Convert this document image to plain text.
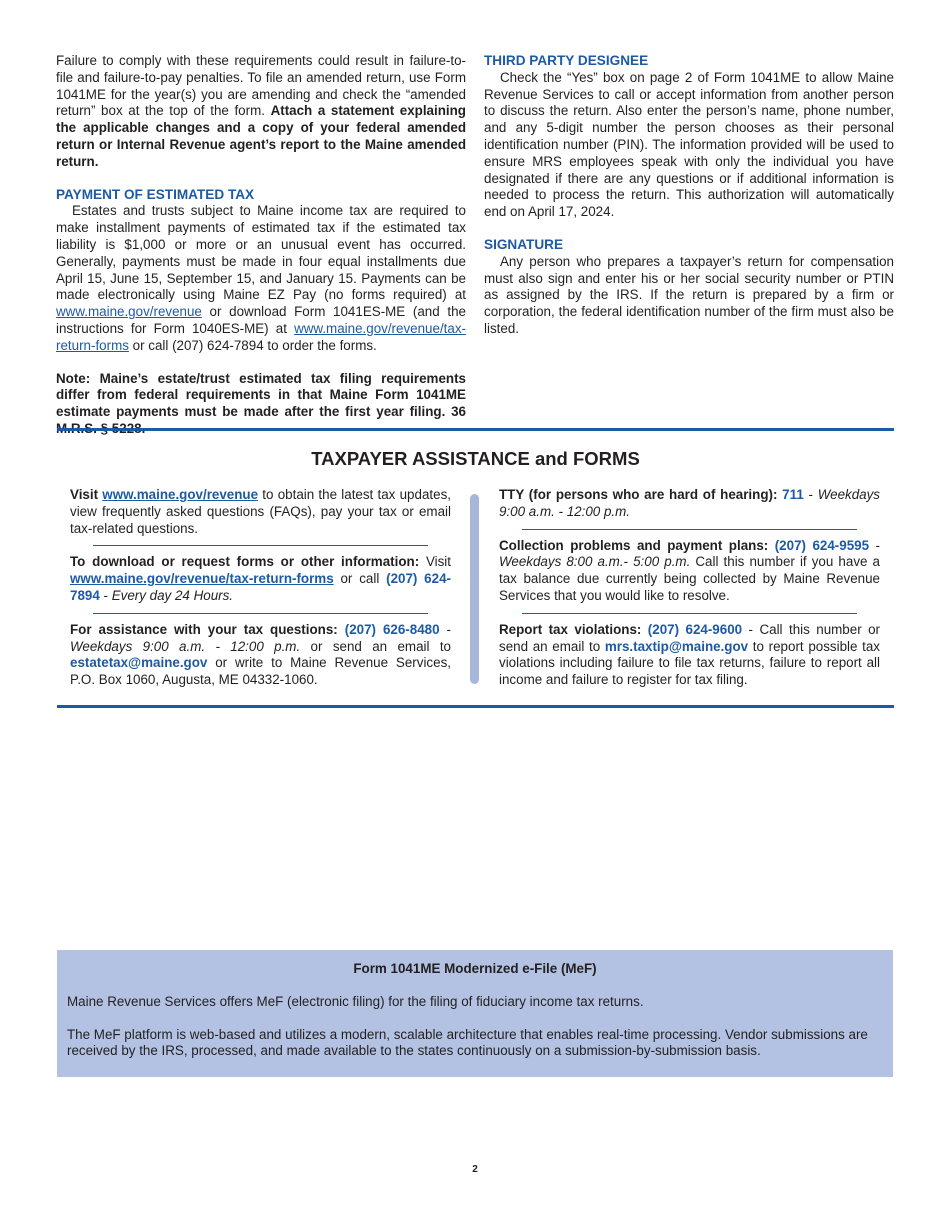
Failure to comply with these requirements could result in failure-to-file and failure-to-pay penalties. To file an amended return, use Form 1041ME for the year(s) you are amending and check the “amended return” box at the top of the form. Attach a statement explaining the applicable changes and a copy of your federal amended return or Internal Revenue agent’s report to the Maine amended return.

PAYMENT OF ESTIMATED TAX

Estates and trusts subject to Maine income tax are required to make installment payments of estimated tax if the estimated tax liability is $1,000 or more or an unusual event has occurred. Generally, payments must be made in four equal installments due April 15, June 15, September 15, and January 15. Payments can be made electronically using Maine EZ Pay (no forms required) at www.maine.gov/revenue or download Form 1041ES-ME (and the instructions for Form 1040ES-ME) at www.maine.gov/revenue/tax-return-forms or call (207) 624-7894 to order the forms.

Note: Maine’s estate/trust estimated tax filing requirements differ from federal requirements in that Maine Form 1041ME estimate payments must be made after the first year filing. 36

THIRD PARTY DESIGNEE

Check the “Yes” box on page 2 of Form 1041ME to allow Maine Revenue Services to call or accept information from another person to discuss the return. Also enter the person’s name, phone number, and any 5-digit number the person chooses as their personal identification number (PIN). The information provided will be used to ensure MRS employees speak with only the individual you have designated if there are any questions or if additional information is needed to process the return. This authorization will automatically end on April 17, 2024.

SIGNATURE

Any person who prepares a taxpayer’s return for compensation must also sign and enter his or her social security number or PTIN as assigned by the IRS. If the return is prepared by a firm or corporation, the federal identification number of the firm must also be listed.

TAXPAYER ASSISTANCE and FORMS

Visit www.maine.gov/revenue to obtain the latest tax updates, view frequently asked questions (FAQs), pay your tax or email tax-related questions.

To download or request forms or other information: Visit www.maine.gov/revenue/tax-return-forms or call (207) 624-7894 - Every day 24 Hours.

For assistance with your tax questions: (207) 626-8480 - Weekdays 9:00 a.m. - 12:00 p.m. or send an email to estatetax@maine.gov or write to Maine Revenue Services, P.O. Box 1060, Augusta, ME 04332-1060.

TTY (for persons who are hard of hearing): 711 - Weekdays 9:00 a.m. - 12:00 p.m.

Collection problems and payment plans: (207) 624-9595 - Weekdays 8:00 a.m.- 5:00 p.m. Call this number if you have a tax balance due currently being collected by Maine Revenue Services that you would like to resolve.

Report tax violations: (207) 624-9600 - Call this number or send an email to mrs.taxtip@maine.gov to report possible tax violations including failure to file tax returns, failure to report all income and failure to register for tax filing.

Form 1041ME Modernized e-File (MeF)

Maine Revenue Services offers MeF (electronic filing) for the filing of fiduciary income tax returns.

The MeF platform is web-based and utilizes a modern, scalable architecture that enables real-time processing. Vendor submissions are received by the IRS, processed, and made available to the states continuously on a submission-by-submission basis.

2
